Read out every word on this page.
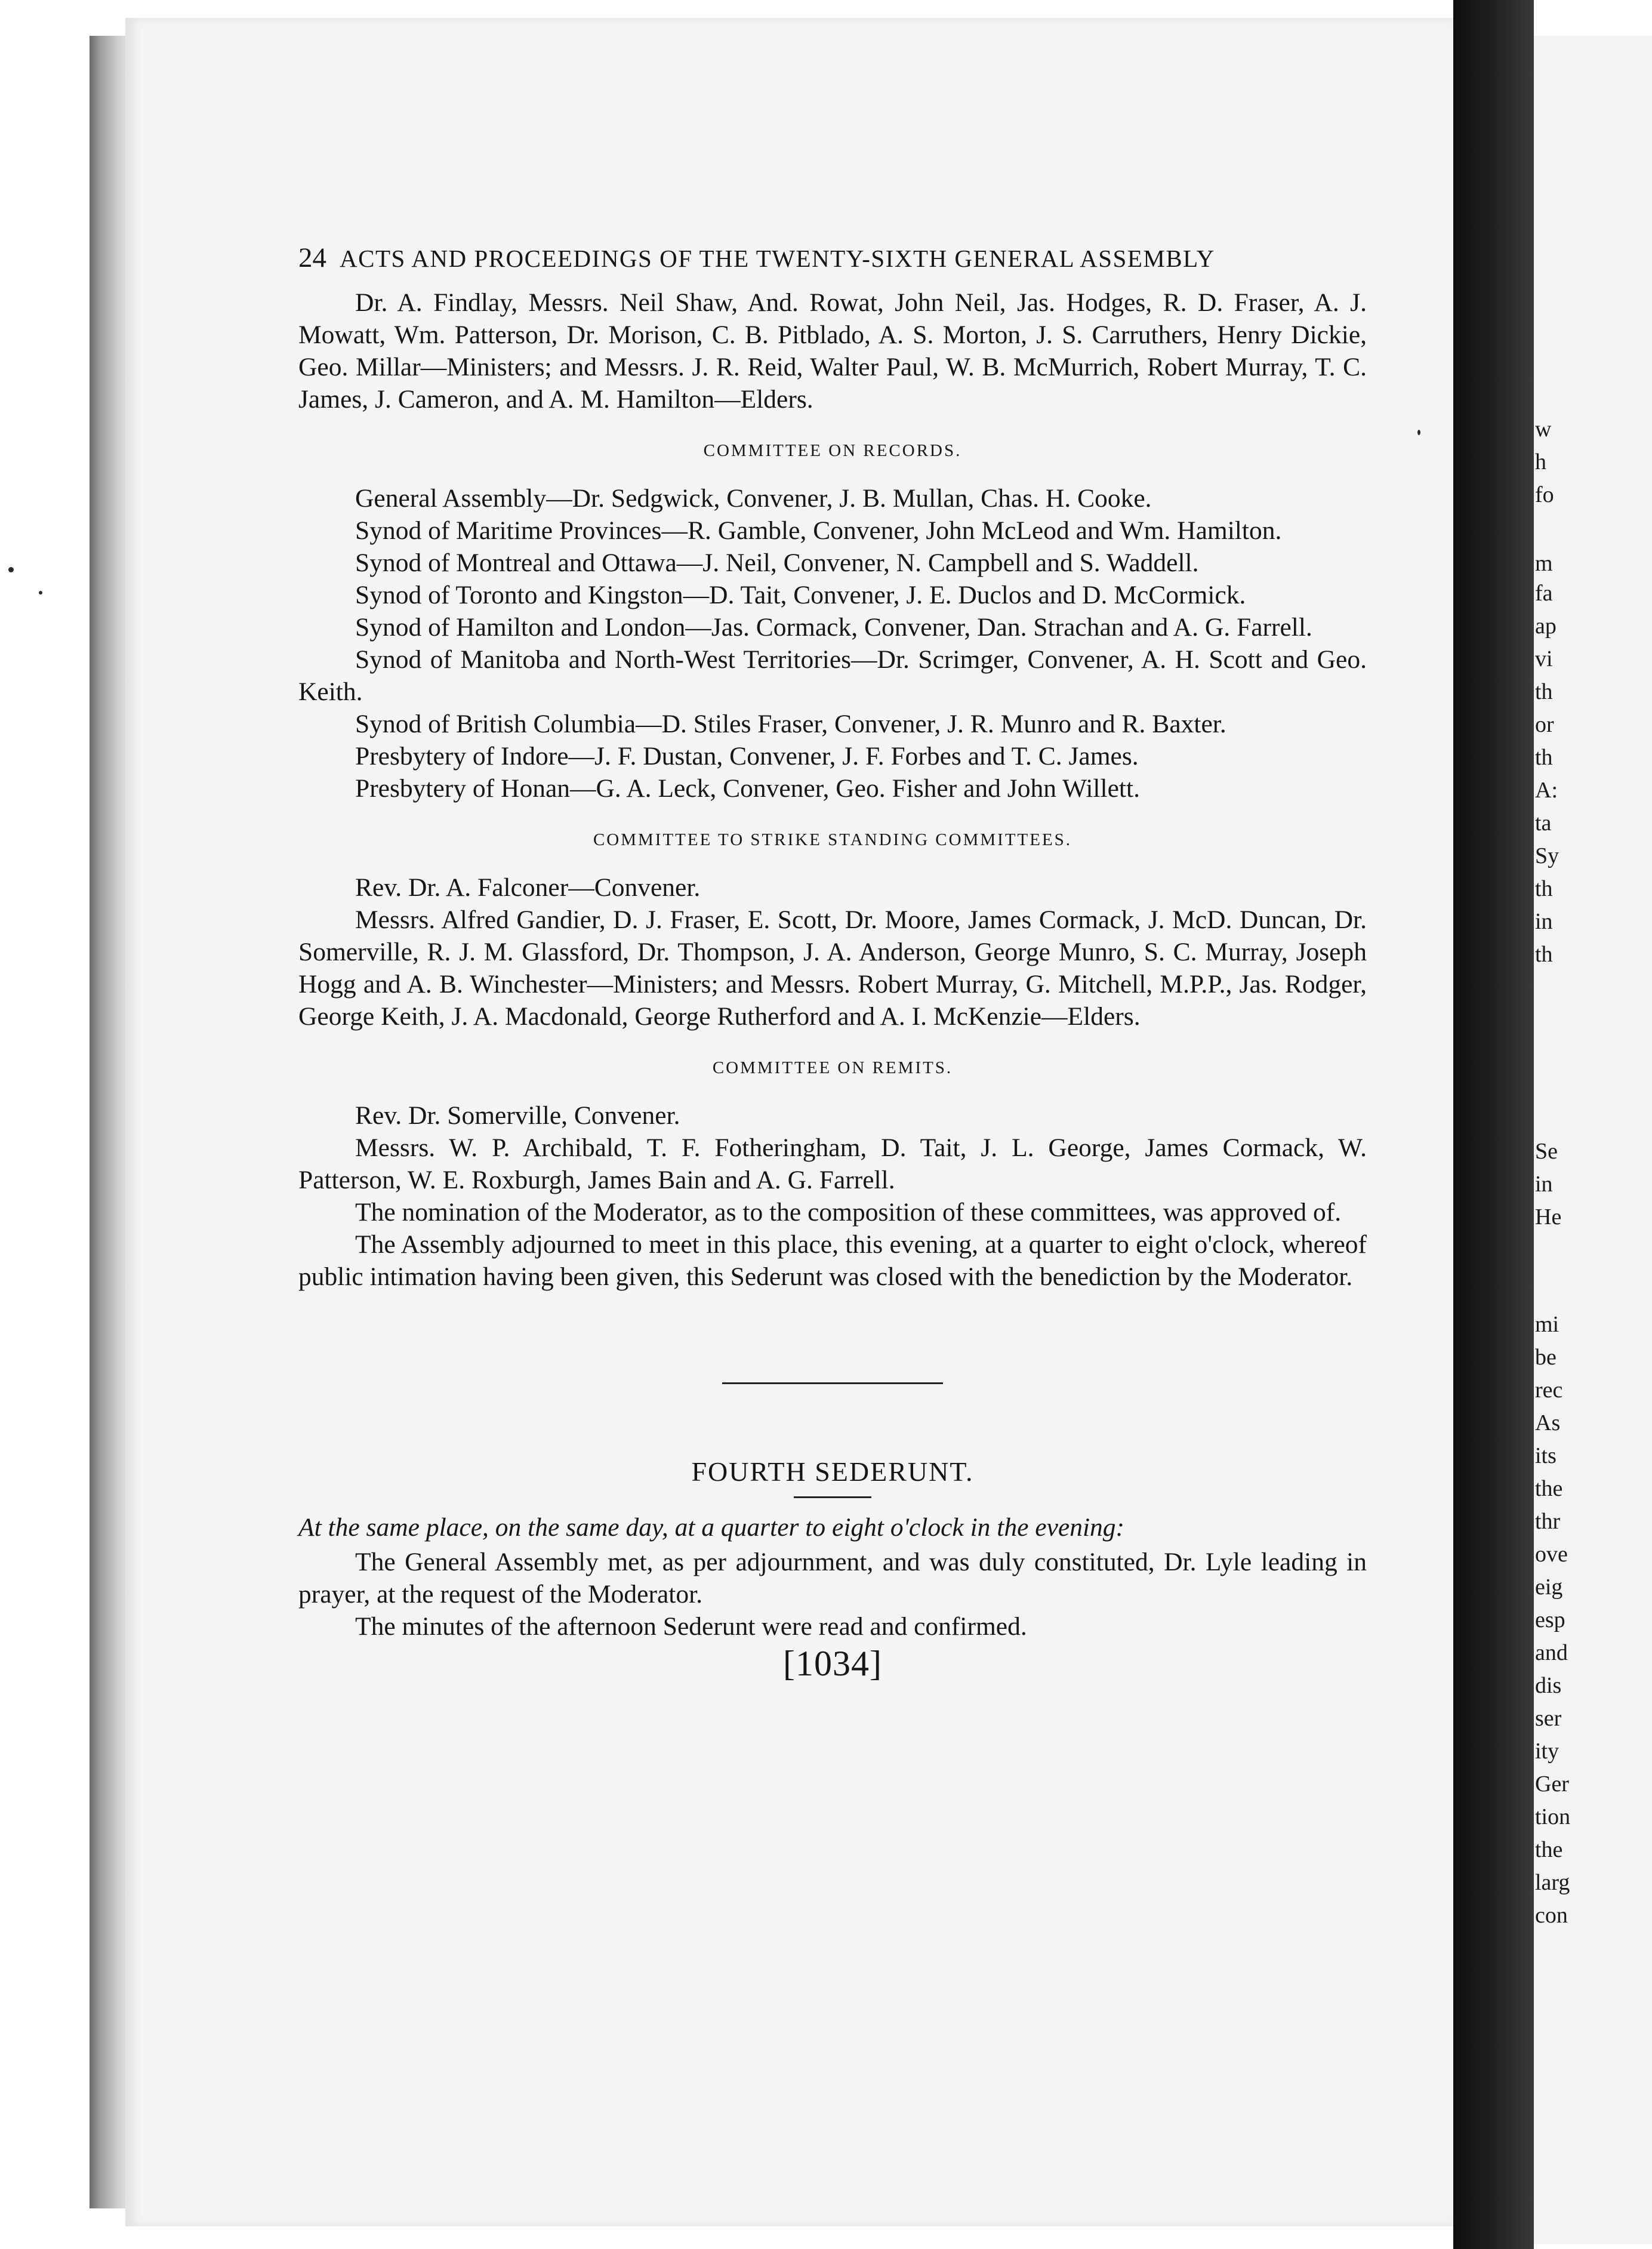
w
h
fo
m
fa
ap
vi
th
or
th
A:
ta
Sy
th
in
th
Se
in
He
mi
be
rec
As
its
the
thr
ove
eig
esp
and
dis
ser
ity
Ger
tion
the
larg
con
24 ACTS AND PROCEEDINGS OF THE TWENTY-SIXTH GENERAL ASSEMBLY

Dr. A. Findlay, Messrs. Neil Shaw, And. Rowat, John Neil, Jas. Hodges, R. D. Fraser, A. J. Mowatt, Wm. Patterson, Dr. Morison, C. B. Pitblado, A. S. Morton, J. S. Carruthers, Henry Dickie, Geo. Millar—Ministers; and Messrs. J. R. Reid, Walter Paul, W. B. McMurrich, Robert Murray, T. C. James, J. Cameron, and A. M. Hamilton—Elders.

COMMITTEE ON RECORDS.

General Assembly—Dr. Sedgwick, Convener, J. B. Mullan, Chas. H. Cooke.

Synod of Maritime Provinces—R. Gamble, Convener, John McLeod and Wm. Hamilton.

Synod of Montreal and Ottawa—J. Neil, Convener, N. Campbell and S. Waddell.

Synod of Toronto and Kingston—D. Tait, Convener, J. E. Duclos and D. McCormick.

Synod of Hamilton and London—Jas. Cormack, Convener, Dan. Strachan and A. G. Farrell.

Synod of Manitoba and North-West Territories—Dr. Scrimger, Convener, A. H. Scott and Geo. Keith.

Synod of British Columbia—D. Stiles Fraser, Convener, J. R. Munro and R. Baxter.

Presbytery of Indore—J. F. Dustan, Convener, J. F. Forbes and T. C. James.

Presbytery of Honan—G. A. Leck, Convener, Geo. Fisher and John Willett.

COMMITTEE TO STRIKE STANDING COMMITTEES.

Rev. Dr. A. Falconer—Convener.

Messrs. Alfred Gandier, D. J. Fraser, E. Scott, Dr. Moore, James Cormack, J. McD. Duncan, Dr. Somerville, R. J. M. Glassford, Dr. Thompson, J. A. Anderson, George Munro, S. C. Murray, Joseph Hogg and A. B. Winchester—Ministers; and Messrs. Robert Murray, G. Mitchell, M.P.P., Jas. Rodger, George Keith, J. A. Macdonald, George Rutherford and A. I. McKenzie—Elders.

COMMITTEE ON REMITS.

Rev. Dr. Somerville, Convener.

Messrs. W. P. Archibald, T. F. Fotheringham, D. Tait, J. L. George, James Cormack, W. Patterson, W. E. Roxburgh, James Bain and A. G. Farrell.

The nomination of the Moderator, as to the composition of these committees, was approved of.

The Assembly adjourned to meet in this place, this evening, at a quarter to eight o'clock, whereof public intimation having been given, this Sederunt was closed with the benediction by the Moderator.

FOURTH SEDERUNT.

At the same place, on the same day, at a quarter to eight o'clock in the evening:

The General Assembly met, as per adjournment, and was duly constituted, Dr. Lyle leading in prayer, at the request of the Moderator.

The minutes of the afternoon Sederunt were read and confirmed.

[1034]
